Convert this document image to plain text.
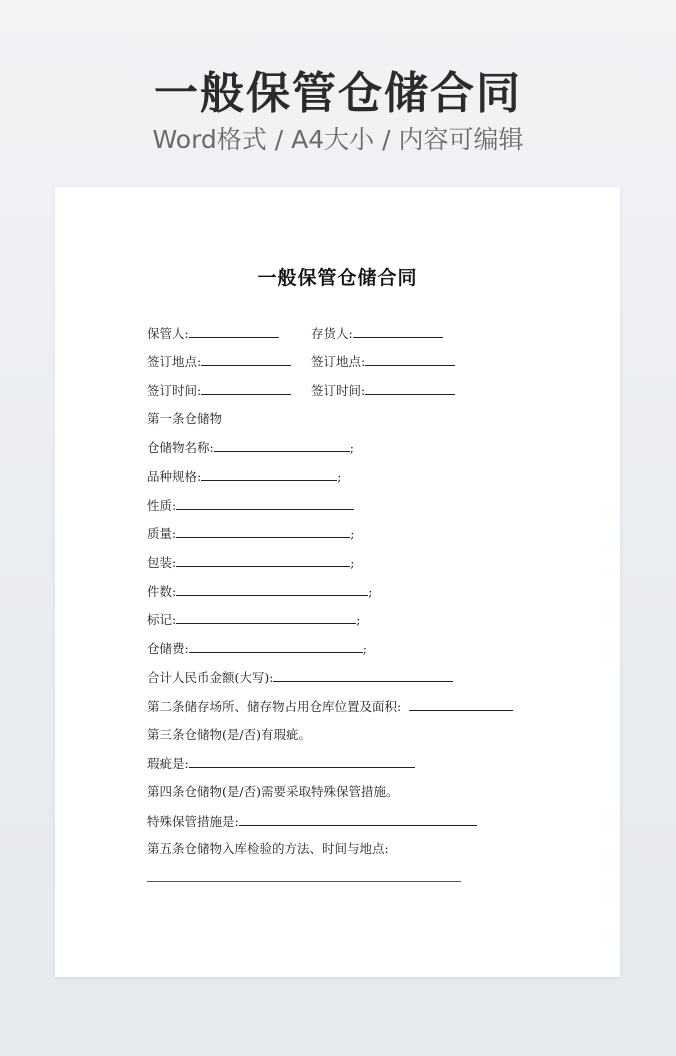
一般保管仓储合同
Word格式 / A4大小 / 内容可编辑
一般保管仓储合同
保管人:	存货人:
签订地点:	签订地点:
签订时间:	签订时间:
第一条仓储物
仓储物名称:	;
品种规格:	;
性质:
质量:	;
包装:	;
件数:	;
标记:	;
仓储费:	;
合计人民币金额(大写):
第二条储存场所、储存物占用仓库位置及面积:
第三条仓储物(是/否)有瑕疵。
瑕疵是:
第四条仓储物(是/否)需要采取特殊保管措施。
特殊保管措施是:
第五条仓储物入库检验的方法、时间与地点:
